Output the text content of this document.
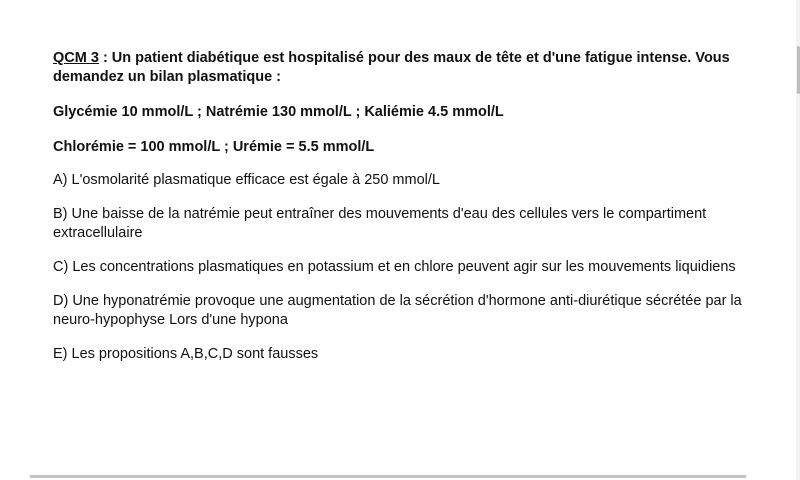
QCM 3 : Un patient diabétique est hospitalisé pour des maux de tête et d'une fatigue intense. Vous demandez un bilan plasmatique :

Glycémie 10 mmol/L ; Natrémie 130 mmol/L ; Kaliémie 4.5 mmol/L

Chlorémie = 100 mmol/L ; Urémie = 5.5 mmol/L

A) L'osmolarité plasmatique efficace est égale à 250 mmol/L

B) Une baisse de la natrémie peut entraîner des mouvements d'eau des cellules vers le compartiment extracellulaire

C) Les concentrations plasmatiques en potassium et en chlore peuvent agir sur les mouvements liquidiens

D) Une hyponatrémie provoque une augmentation de la sécrétion d'hormone anti-diurétique sécrétée par la neuro-hypophyse Lors d'une hypona

E) Les propositions A,B,C,D sont fausses
